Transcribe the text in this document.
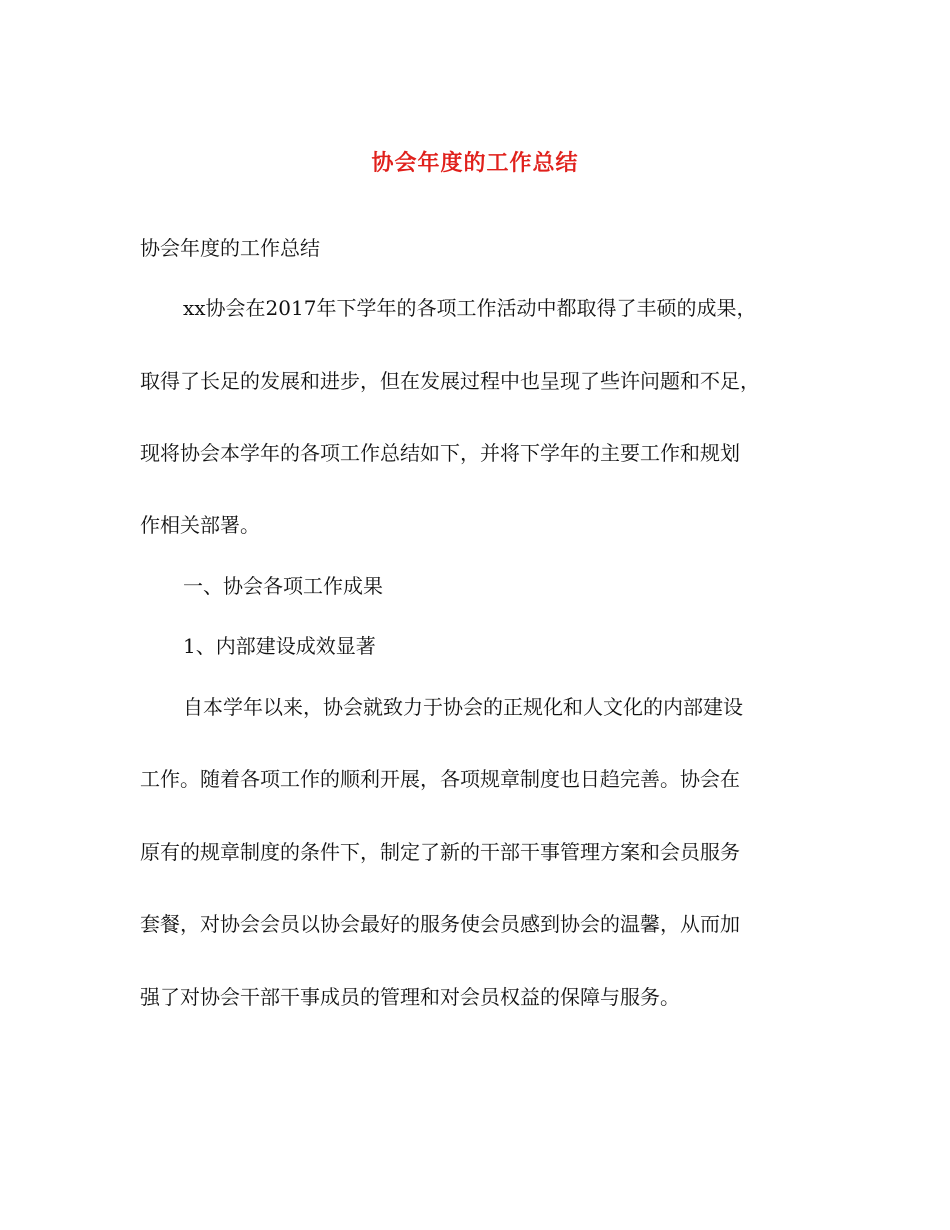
协会年度的工作总结

协会年度的工作总结

xx协会在2017年下学年的各项工作活动中都取得了丰硕的成果，

取得了长足的发展和进步，但在发展过程中也呈现了些许问题和不足，

现将协会本学年的各项工作总结如下，并将下学年的主要工作和规划

作相关部署。

一、协会各项工作成果

1、内部建设成效显著

自本学年以来，协会就致力于协会的正规化和人文化的内部建设

工作。随着各项工作的顺利开展，各项规章制度也日趋完善。协会在

原有的规章制度的条件下，制定了新的干部干事管理方案和会员服务

套餐，对协会会员以协会最好的服务使会员感到协会的温馨，从而加

强了对协会干部干事成员的管理和对会员权益的保障与服务。
